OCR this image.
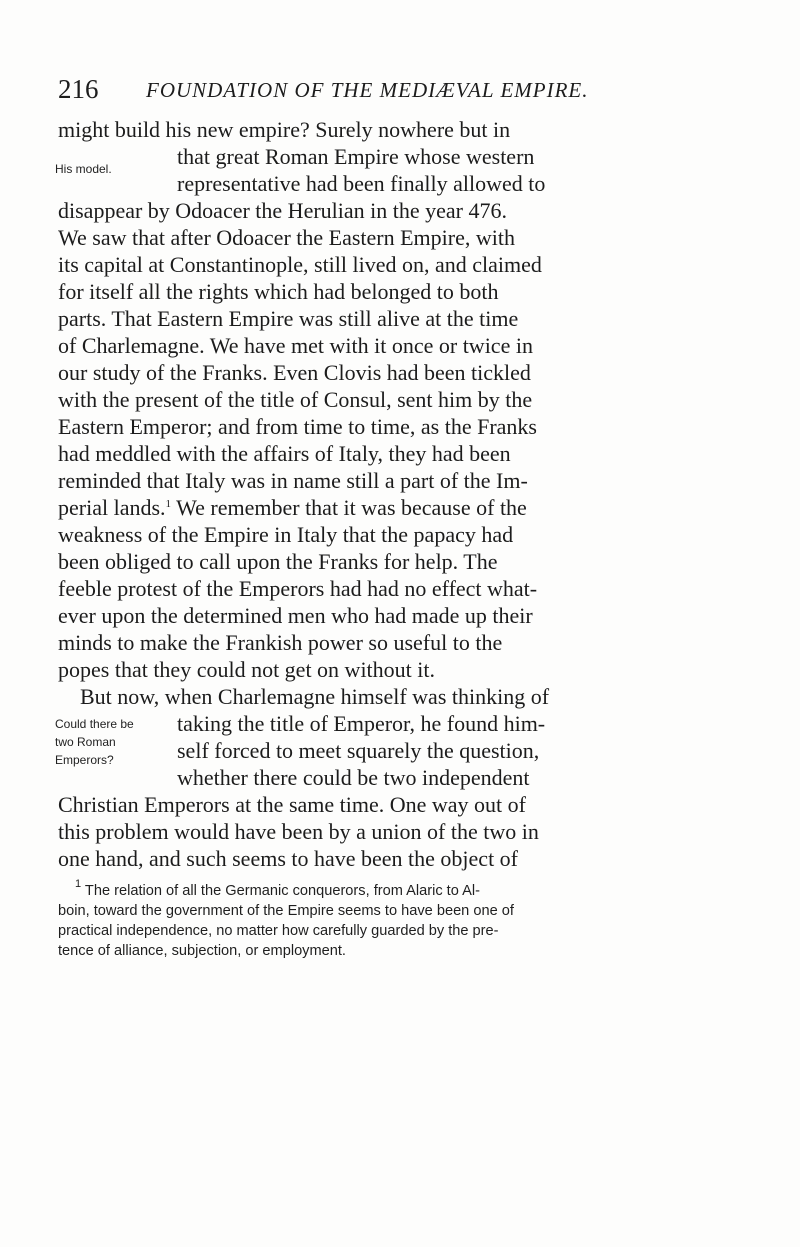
216 FOUNDATION OF THE MEDIÆVAL EMPIRE.
might build his new empire? Surely nowhere but in
that great Roman Empire whose western
representative had been finally allowed to
disappear by Odoacer the Herulian in the year 476.
We saw that after Odoacer the Eastern Empire, with
its capital at Constantinople, still lived on, and claimed
for itself all the rights which had belonged to both
parts. That Eastern Empire was still alive at the time
of Charlemagne. We have met with it once or twice in
our study of the Franks. Even Clovis had been tickled
with the present of the title of Consul, sent him by the
Eastern Emperor; and from time to time, as the Franks
had meddled with the affairs of Italy, they had been
reminded that Italy was in name still a part of the Im-
perial lands.$^1$ We remember that it was because of the
weakness of the Empire in Italy that the papacy had
been obliged to call upon the Franks for help. The
feeble protest of the Emperors had had no effect what-
ever upon the determined men who had made up their
minds to make the Frankish power so useful to the
popes that they could not get on without it.
But now, when Charlemagne himself was thinking of
taking the title of Emperor, he found him-
self forced to meet squarely the question,
whether there could be two independent
Christian Emperors at the same time. One way out of
this problem would have been by a union of the two in
one hand, and such seems to have been the object of
His model.
Could there be
two Roman
Emperors?
$^1$ The relation of all the Germanic conquerors, from Alaric to Al-
boin, toward the government of the Empire seems to have been one of
practical independence, no matter how carefully guarded by the pre-
tence of alliance, subjection, or employment.
